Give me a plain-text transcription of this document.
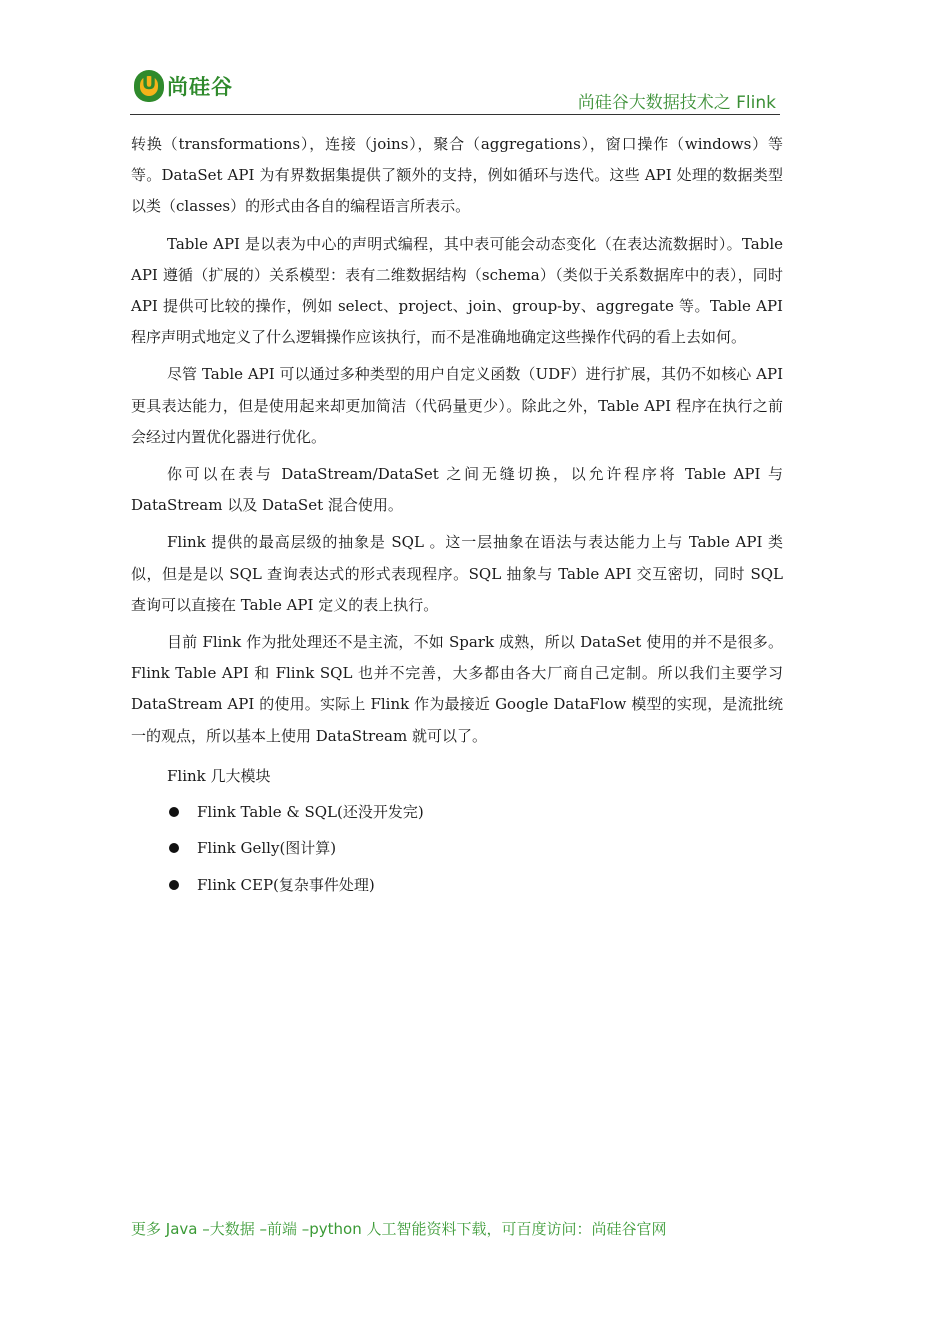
U
尚硅谷
尚硅谷大数据技术之 Flink

转换（transformations），连接（joins），聚合（aggregations），窗口操作（windows）等等。DataSet API 为有界数据集提供了额外的支持，例如循环与迭代。这些 API 处理的数据类型以类（classes）的形式由各自的编程语言所表示。

Table API 是以表为中心的声明式编程，其中表可能会动态变化（在表达流数据时）。Table API 遵循（扩展的）关系模型：表有二维数据结构（schema）（类似于关系数据库中的表），同时 API 提供可比较的操作，例如 select、project、join、group-by、aggregate 等。Table API 程序声明式地定义了什么逻辑操作应该执行，而不是准确地确定这些操作代码的看上去如何。

尽管 Table API 可以通过多种类型的用户自定义函数（UDF）进行扩展，其仍不如核心 API 更具表达能力，但是使用起来却更加简洁（代码量更少）。除此之外，Table API 程序在执行之前会经过内置优化器进行优化。

你可以在表与 DataStream/DataSet 之间无缝切换，以允许程序将 Table API 与 DataStream 以及 DataSet 混合使用。

Flink 提供的最高层级的抽象是 SQL 。这一层抽象在语法与表达能力上与 Table API 类似，但是是以 SQL 查询表达式的形式表现程序。SQL 抽象与 Table API 交互密切，同时 SQL 查询可以直接在 Table API 定义的表上执行。

目前 Flink 作为批处理还不是主流，不如 Spark 成熟，所以 DataSet 使用的并不是很多。Flink Table API 和 Flink SQL 也并不完善，大多都由各大厂商自己定制。所以我们主要学习 DataStream API 的使用。实际上 Flink 作为最接近 Google DataFlow 模型的实现，是流批统一的观点，所以基本上使用 DataStream 就可以了。

Flink 几大模块

Flink Table & SQL(还没开发完)
Flink Gelly(图计算)
Flink CEP(复杂事件处理)
更多 Java –大数据 –前端 –python 人工智能资料下载，可百度访问：尚硅谷官网
